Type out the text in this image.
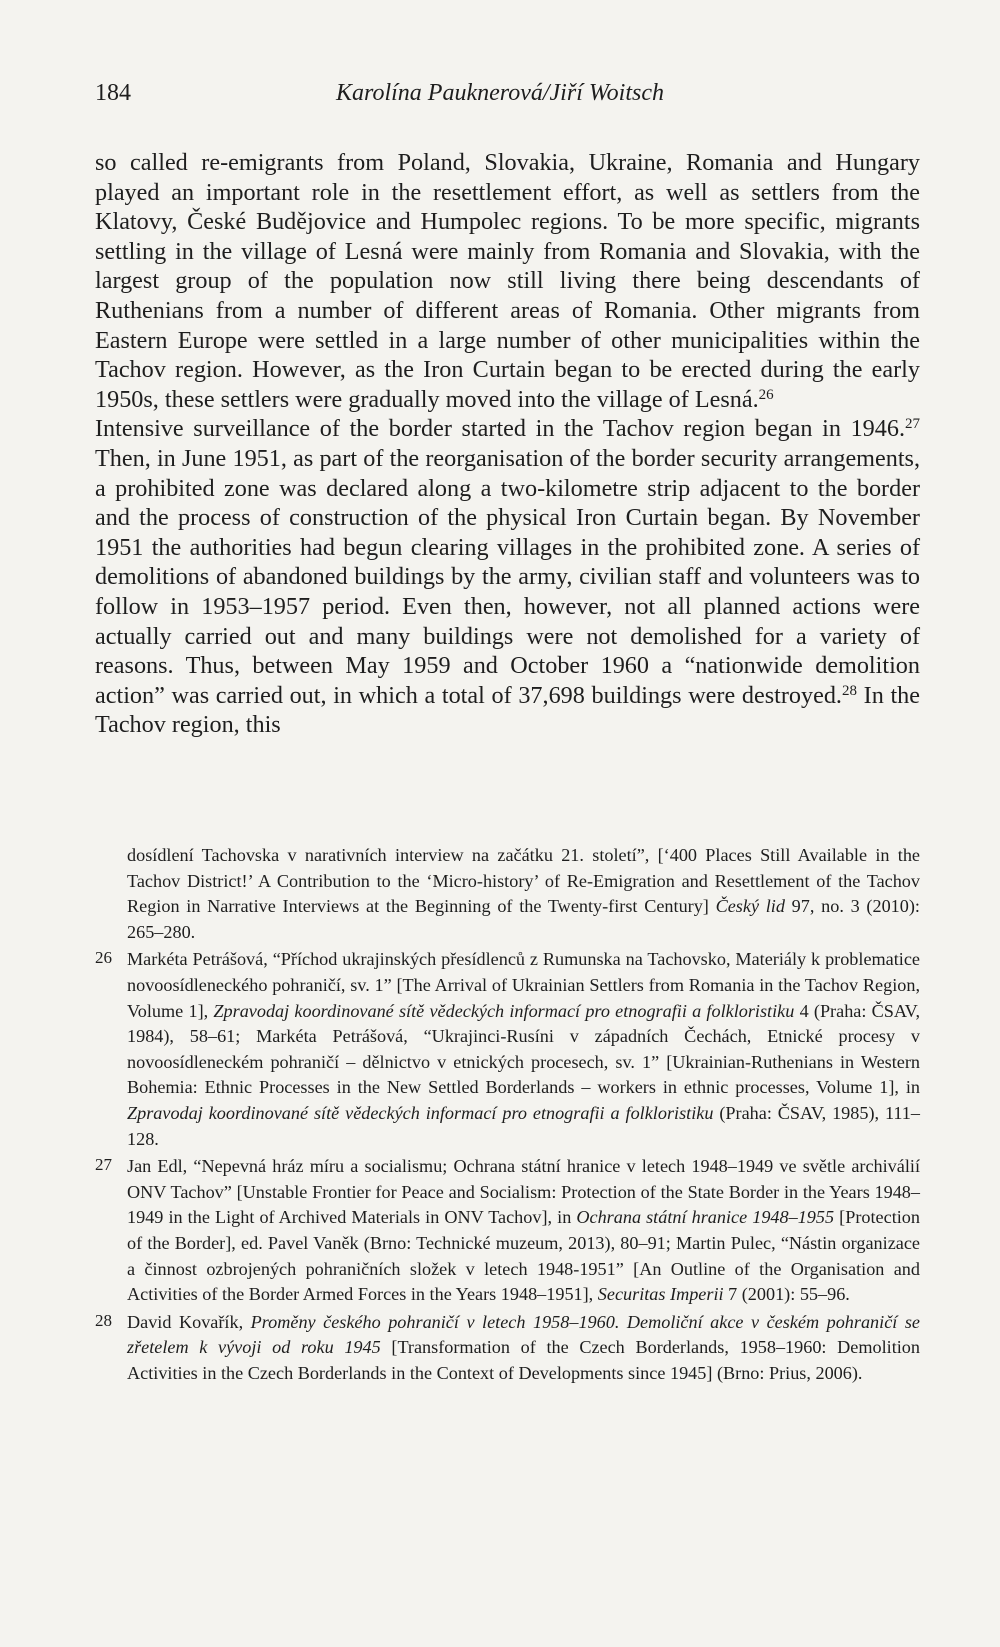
184	Karolína Pauknerová/Jiří Woitsch

so called re-emigrants from Poland, Slovakia, Ukraine, Romania and Hungary played an important role in the resettlement effort, as well as settlers from the Klatovy, České Budějovice and Humpolec regions. To be more specific, migrants settling in the village of Lesná were mainly from Romania and Slovakia, with the largest group of the population now still living there being descendants of Ruthenians from a number of different areas of Romania. Other migrants from Eastern Europe were settled in a large number of other municipalities within the Tachov region. However, as the Iron Curtain began to be erected during the early 1950s, these settlers were gradually moved into the village of Lesná.$^{26}$

Intensive surveillance of the border started in the Tachov region began in 1946.27 Then, in June 1951, as part of the reorganisation of the border security arrangements, a prohibited zone was declared along a two-kilometre strip adjacent to the border and the process of construction of the physical Iron Curtain began. By November 1951 the authorities had begun clearing villages in the prohibited zone. A series of demolitions of abandoned buildings by the army, civilian staff and volunteers was to follow in 1953–1957 period. Even then, however, not all planned actions were actually carried out and many buildings were not demolished for a variety of reasons. Thus, between May 1959 and October 1960 a “nationwide demolition action” was carried out, in which a total of 37,698 buildings were destroyed.$^{28}$ In the Tachov region, this

dosídlení Tachovska v narativních interview na začátku 21. století”, [‘400 Places Still Available in the Tachov District!’ A Contribution to the ‘Micro-history’ of Re-Emigration and Resettlement of the Tachov Region in Narrative Interviews at the Beginning of the Twenty-first Century] Český lid 97, no. 3 (2010): 265–280.

26 Markéta Petrášová, “Příchod ukrajinských přesídlenců z Rumunska na Tachovsko, Materiály k problematice novoosídleneckého pohraničí, sv. 1” [The Arrival of Ukrainian Settlers from Romania in the Tachov Region, Volume 1], Zpravodaj koordinované sítě vědeckých informací pro etnografii a folkloristiku 4 (Praha: ČSAV, 1984), 58–61; Markéta Petrášová, “Ukrajinci-Rusíni v západních Čechách, Etnické procesy v novoosídleneckém pohraničí – dělnictvo v etnických procesech, sv. 1” [Ukrainian-Ruthenians in Western Bohemia: Ethnic Processes in the New Settled Borderlands – workers in ethnic processes, Volume 1], in Zpravodaj koordinované sítě vědeckých informací pro etnografii a folkloristiku (Praha: ČSAV, 1985), 111–128.

27 Jan Edl, “Nepevná hráz míru a socialismu; Ochrana státní hranice v letech 1948–1949 ve světle archiválií ONV Tachov” [Unstable Frontier for Peace and Socialism: Protection of the State Border in the Years 1948–1949 in the Light of Archived Materials in ONV Tachov], in Ochrana státní hranice 1948–1955 [Protection of the Border], ed. Pavel Vaněk (Brno: Technické muzeum, 2013), 80–91; Martin Pulec, “Nástin organizace a činnost ozbrojených pohraničních složek v letech 1948-1951” [An Outline of the Organisation and Activities of the Border Armed Forces in the Years 1948–1951], Securitas Imperii 7 (2001): 55–96.

28 David Kovařík, Proměny českého pohraničí v letech 1958–1960. Demoliční akce v českém pohraničí se zřetelem k vývoji od roku 1945 [Transformation of the Czech Borderlands, 1958–1960: Demolition Activities in the Czech Borderlands in the Context of Developments since 1945] (Brno: Prius, 2006).
